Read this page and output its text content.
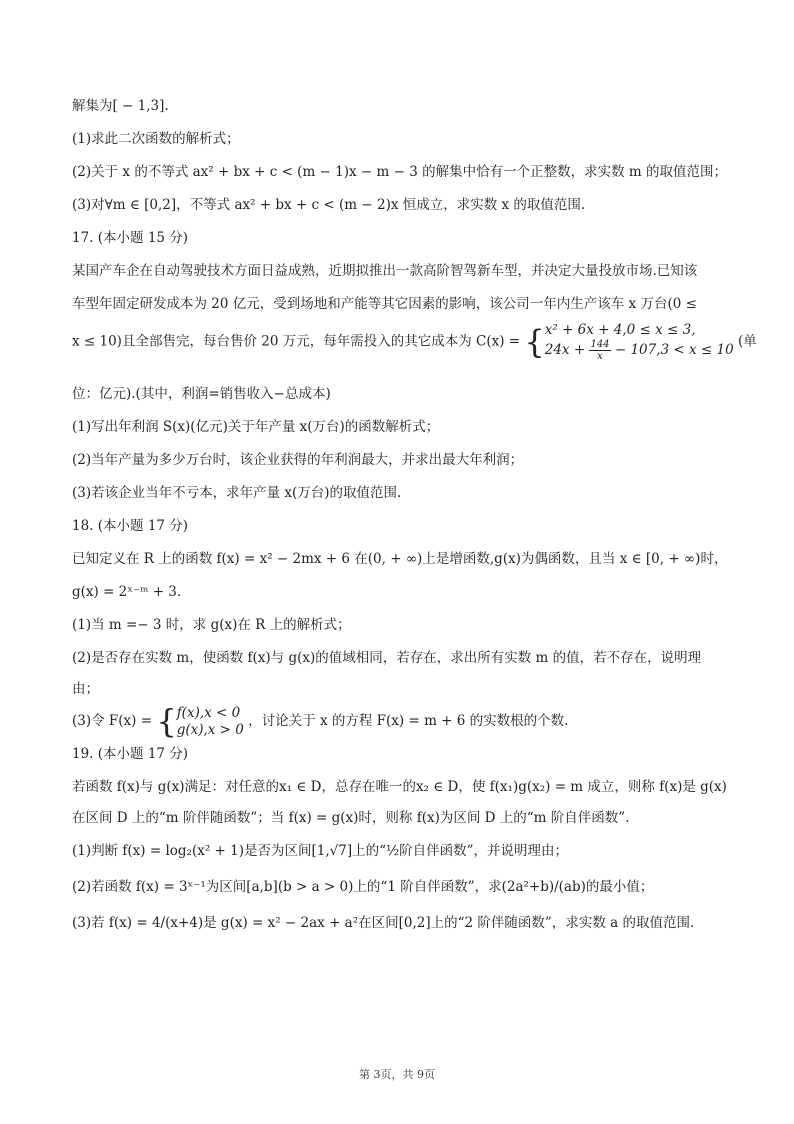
解集为[ − 1,3].
(1)求此二次函数的解析式；
(2)关于 x 的不等式 ax² + bx + c < (m − 1)x − m − 3 的解集中恰有一个正整数，求实数 m 的取值范围；
(3)对∀m ∈ [0,2]，不等式 ax² + bx + c < (m − 2)x 恒成立，求实数 x 的取值范围.
17. (本小题 15 分)
某国产车企在自动驾驶技术方面日益成熟，近期拟推出一款高阶智驾新车型，并决定大量投放市场.已知该
车型年固定研发成本为 20 亿元，受到场地和产能等其它因素的影响，该公司一年内生产该车 x 万台(0 ≤
x ≤ 10)且全部售完，每台售价 20 万元，每年需投入的其它成本为 C(x) = {x² + 6x + 4,0 ≤ x ≤ 3,
$24x + \frac{144}{x} - 107,3 < x \le 10$ (单
位：亿元).(其中，利润=销售收入−总成本)
(1)写出年利润 S(x)(亿元)关于年产量 x(万台)的函数解析式；
(2)当年产量为多少万台时，该企业获得的年利润最大，并求出最大年利润；
(3)若该企业当年不亏本，求年产量 x(万台)的取值范围.
18. (本小题 17 分)
已知定义在 R 上的函数 f(x) = x² − 2mx + 6 在(0, + ∞)上是增函数,g(x)为偶函数，且当 x ∈ [0, + ∞)时，
g(x) = 2ˣ⁻ᵐ + 3.
(1)当 m =− 3 时，求 g(x)在 R 上的解析式；
(2)是否存在实数 m，使函数 f(x)与 g(x)的值域相同，若存在，求出所有实数 m 的值，若不存在，说明理
由；
(3)令 F(x) = {f(x),x < 0
g(x),x > 0 ，讨论关于 x 的方程 F(x) = m + 6 的实数根的个数.
19. (本小题 17 分)
若函数 f(x)与 g(x)满足：对任意的x₁ ∈ D，总存在唯一的x₂ ∈ D，使 f(x₁)g(x₂) = m 成立，则称 f(x)是 g(x)
在区间 D 上的“m 阶伴随函数”；当 f(x) = g(x)时，则称 f(x)为区间 D 上的“m 阶自伴函数”.
(1)判断 f(x) = log₂(x² + 1)是否为区间[1,√7]上的“½阶自伴函数”，并说明理由；
(2)若函数 f(x) = 3ˣ⁻¹为区间[a,b](b > a > 0)上的“1 阶自伴函数”，求(2a²+b)/(ab)的最小值；
(3)若 f(x) = 4/(x+4)是 g(x) = x² − 2ax + a²在区间[0,2]上的“2 阶伴随函数”，求实数 a 的取值范围.
第 3页，共 9页
